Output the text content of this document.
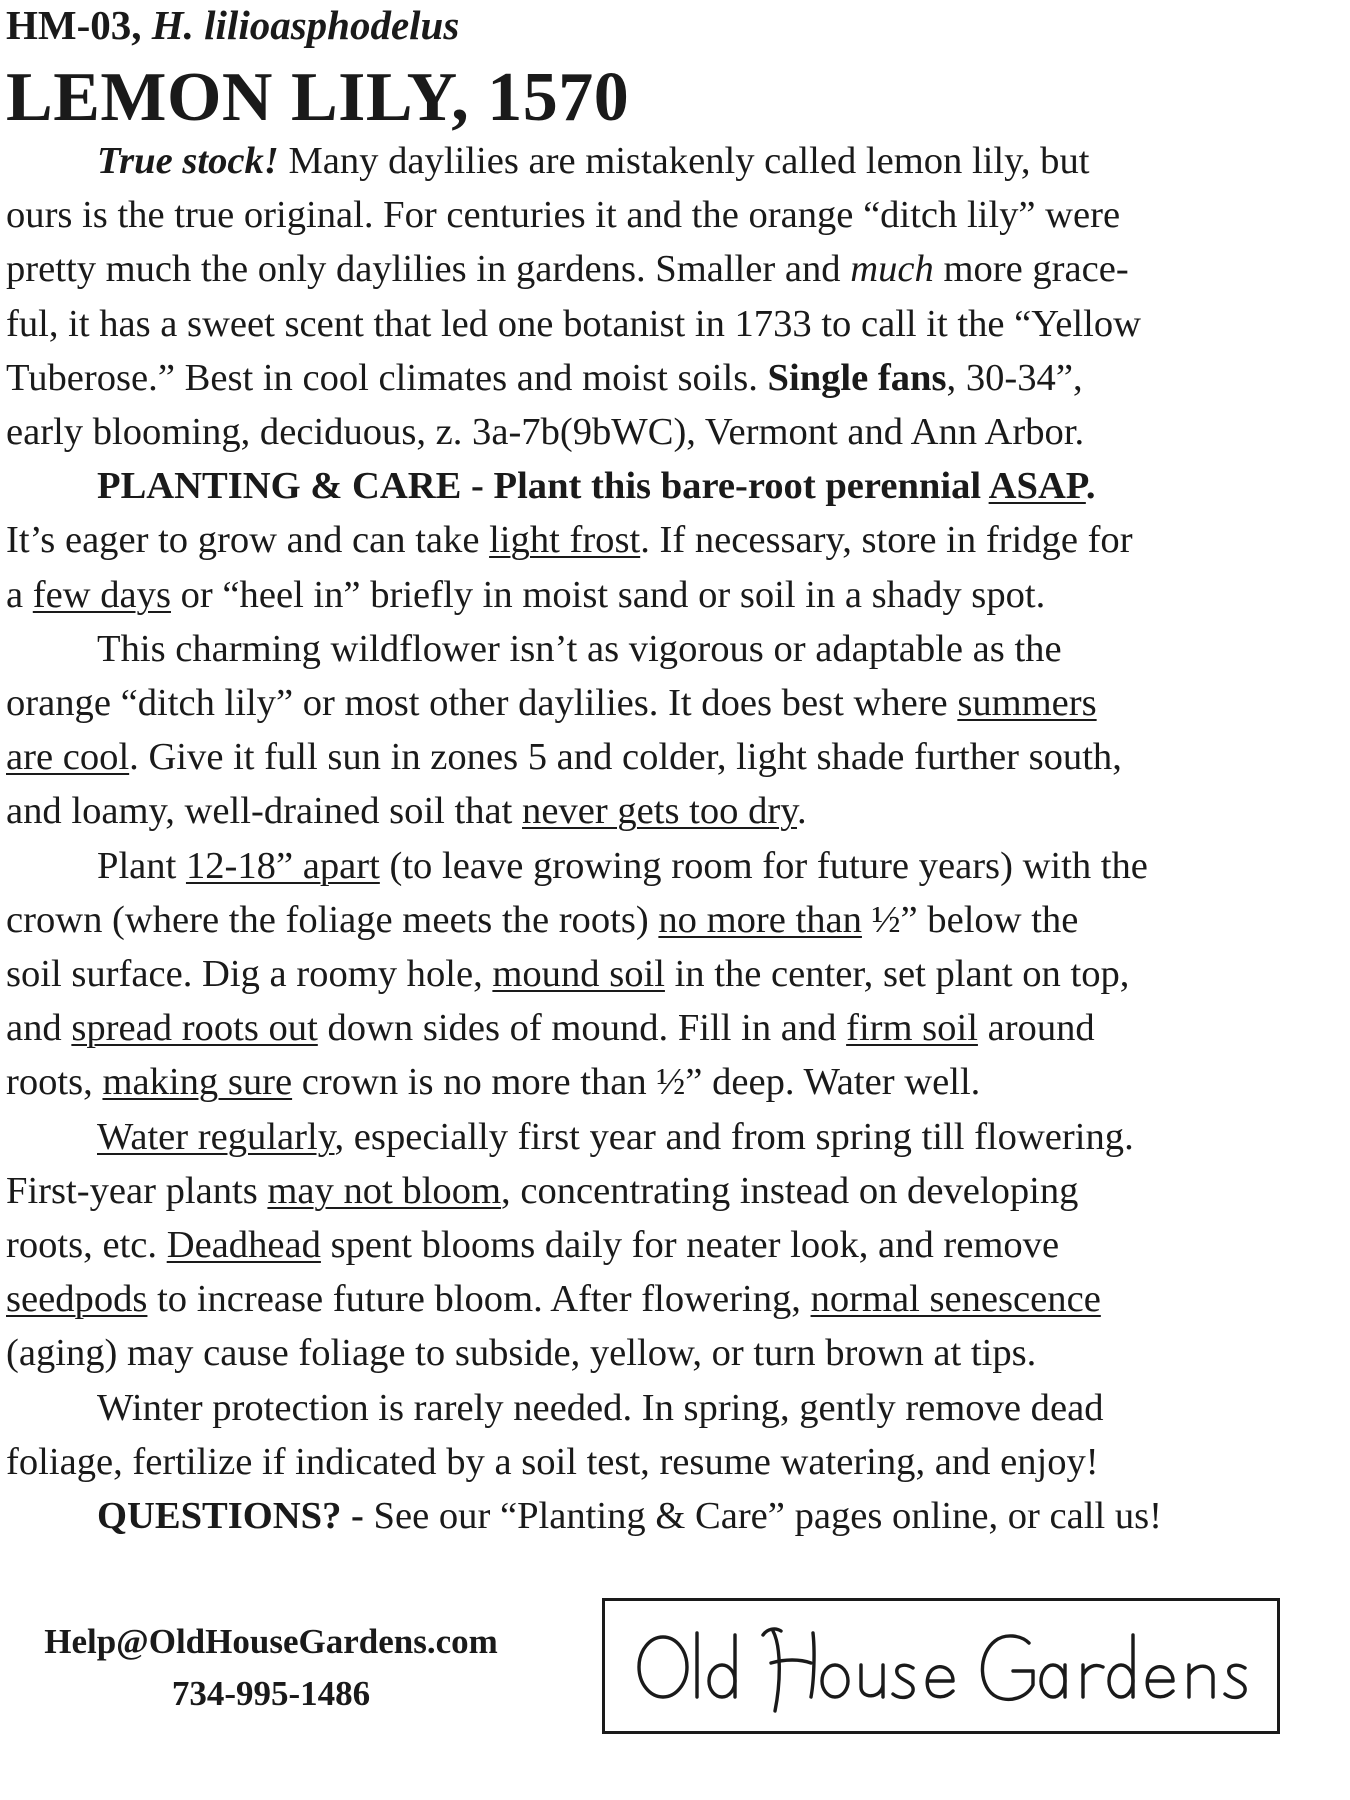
HM-03, H. lilioasphodelus
LEMON LILY, 1570
True stock! Many daylilies are mistakenly called lemon lily, but
ours is the true original. For centuries it and the orange “ditch lily” were
pretty much the only daylilies in gardens. Smaller and much more grace-
ful, it has a sweet scent that led one botanist in 1733 to call it the “Yellow
Tuberose.” Best in cool climates and moist soils. Single fans, 30-34”,
early blooming, deciduous, z. 3a-7b(9bWC), Vermont and Ann Arbor.
PLANTING & CARE - Plant this bare-root perennial ASAP.
It’s eager to grow and can take light frost. If necessary, store in fridge for
a few days or “heel in” briefly in moist sand or soil in a shady spot.
This charming wildflower isn’t as vigorous or adaptable as the
orange “ditch lily” or most other daylilies. It does best where summers
are cool. Give it full sun in zones 5 and colder, light shade further south,
and loamy, well-drained soil that never gets too dry.
Plant 12-18” apart (to leave growing room for future years) with the
crown (where the foliage meets the roots) no more than ½” below the
soil surface. Dig a roomy hole, mound soil in the center, set plant on top,
and spread roots out down sides of mound. Fill in and firm soil around
roots, making sure crown is no more than ½” deep. Water well.
Water regularly, especially first year and from spring till flowering.
First-year plants may not bloom, concentrating instead on developing
roots, etc. Deadhead spent blooms daily for neater look, and remove
seedpods to increase future bloom. After flowering, normal senescence
(aging) may cause foliage to subside, yellow, or turn brown at tips.
Winter protection is rarely needed. In spring, gently remove dead
foliage, fertilize if indicated by a soil test, resume watering, and enjoy!
QUESTIONS? - See our “Planting & Care” pages online, or call us!
Help@OldHouseGardens.com
734-995-1486
Old House Gardens
